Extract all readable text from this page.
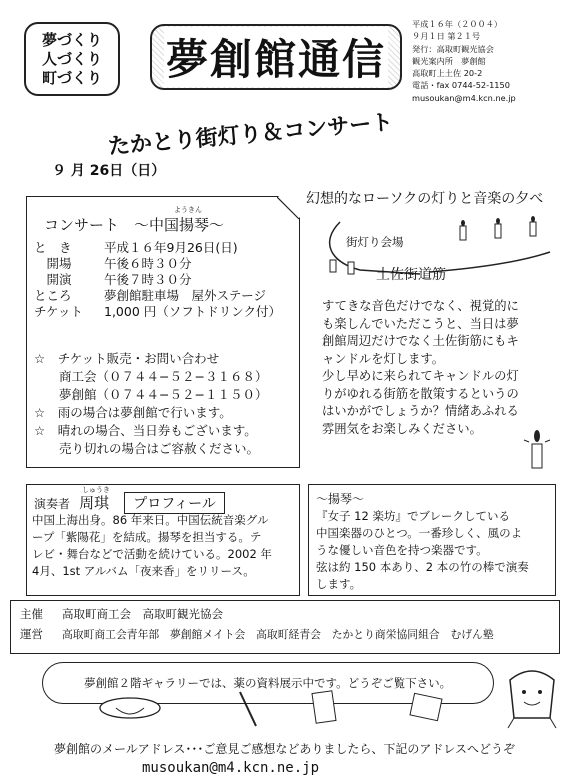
夢づくり
人づくり
町づくり 夢創館通信
平成１６年（２００４）
９月１日 第２１号
発行：高取町観光協会
観光案内所　夢創館
高取町上土佐 20-2
電話・fax 0744-52-1150
musoukan@m4.kcn.ne.jp
たかとり街灯り＆コンサート
９ 月 26日（日）
幻想的なローソクの灯りと音楽の夕べ
コンサート　～中国揚琴～
ようきん
と　き	平成１６年9月26日(日)
　開場	午後６時３０分
　開演	午後７時３０分
ところ	夢創館駐車場　屋外ステージ
チケット 1,000 円（ソフトドリンク付）
☆　チケット販売・お問い合わせ
　　商工会（０７４４−５２−３１６８）
　　夢創館（０７４４−５２−１１５０）
☆　雨の場合は夢創館で行います。
☆　晴れの場合、当日券もございます。
　　売り切れの場合はご容赦ください。
街灯り会場
土佐街道筋

すてきな音色だけでなく、視覚的に

も楽しんでいただこうと、当日は夢

創館周辺だけでなく土佐街筋にもキ

ャンドルを灯します。

少し早めに来られてキャンドルの灯

りがゆれる街筋を散策するというの

はいかがでしょうか？情緒あふれる

雰囲気をお楽しみください。

しゅうき
演奏者 周琪 プロフィール
中国上海出身。86 年来日。中国伝統音楽グル
ープ「紫陽花」を結成。揚琴を担当する。テ
レビ・舞台などで活動を続けている。2002 年
4月、1st アルバム「夜来香」をリリース。
～揚琴～
『女子 12 楽坊』でブレークしている
中国楽器のひとつ。一番珍しく、風のよ
うな優しい音色を持つ楽器です。
弦は約 150 本あり、2 本の竹の棒で演奏
します。
主催 高取町商工会　高取町観光協会
運営 高取町商工会青年部　夢創館メイト会　高取町経青会　たかとり商栄協同組合　むげん塾
夢創館２階ギャラリーでは、薬の資料展示中です。どうぞご覧下さい。
夢創館のメールアドレス･･･ご意見ご感想などありましたら、下記のアドレスへどうぞ
musoukan@m4.kcn.ne.jp
